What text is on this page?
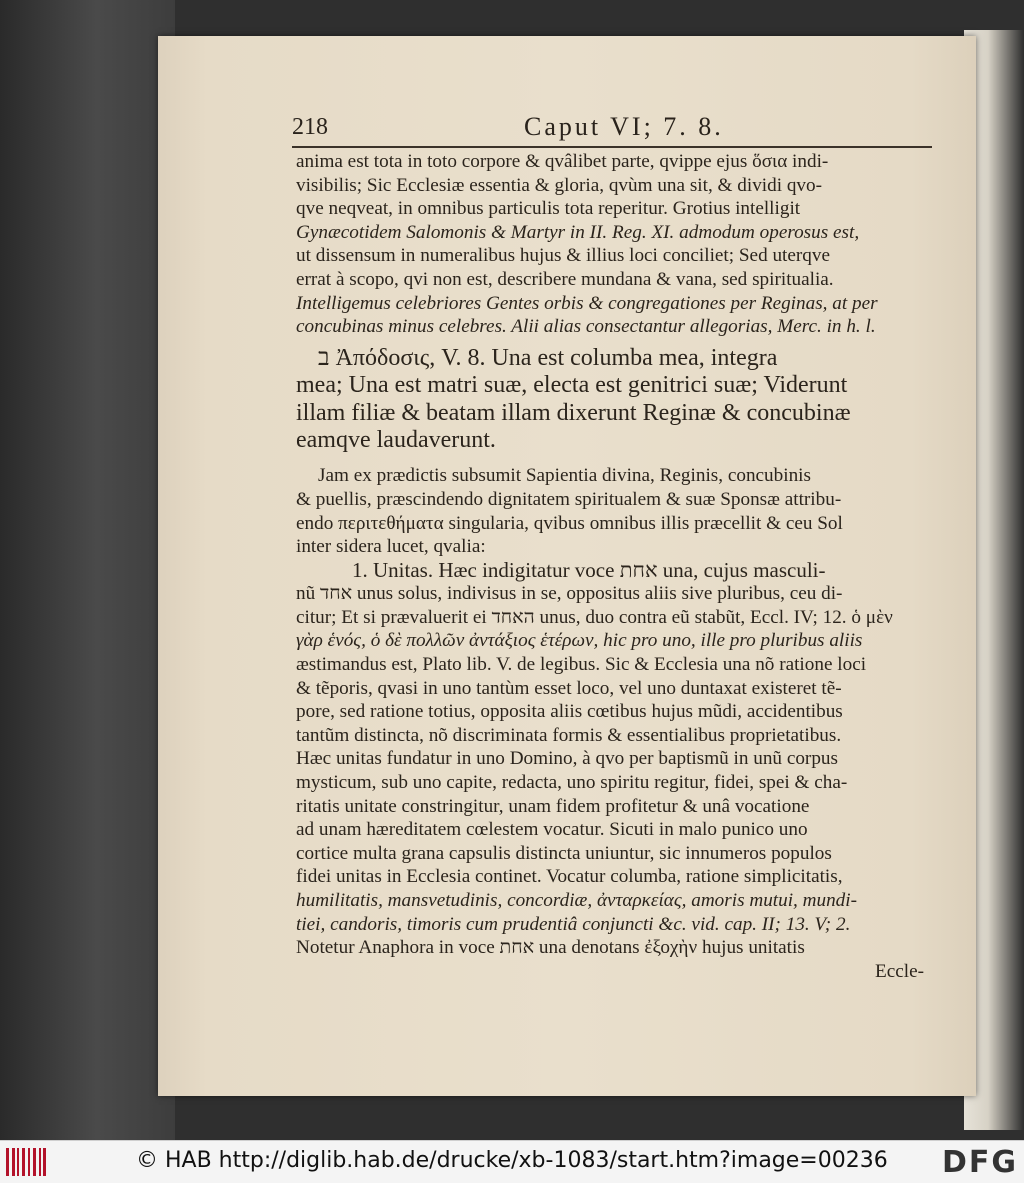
218	Caput VI; 7. 8.
anima est tota in toto corpore & qvâlibet parte, qvippe ejus ὅσια indi-
visibilis; Sic Ecclesiæ essentia & gloria, qvùm una sit, & dividi qvo-
qve neqveat, in omnibus particulis tota reperitur. Grotius intelligit
Gynæcotidem Salomonis & Martyr in II. Reg. XI. admodum operosus est,
ut dissensum in numeralibus hujus & illius loci conciliet; Sed uterqve
errat à scopo, qvi non est, describere mundana & vana, sed spiritualia.
Intelligemus celebriores Gentes orbis & congregationes per Reginas, at per
concubinas minus celebres. Alii alias consectantur allegorias, Merc. in h. l.
ב Ἀπόδοσις, V. 8. Una est columba mea, integra
mea; Una est matri suæ, electa est genitrici suæ; Viderunt
illam filiæ & beatam illam dixerunt Reginæ & concubinæ
eamqve laudaverunt.
Jam ex prædictis subsumit Sapientia divina, Reginis, concubinis
& puellis, præscindendo dignitatem spiritualem & suæ Sponsæ attribu-
endo περιτεθήματα singularia, qvibus omnibus illis præcellit & ceu Sol
inter sidera lucet, qvalia:
1. Unitas. Hæc indigitatur voce אחת una, cujus masculi-
nũ אחד unus solus, indivisus in se, oppositus aliis sive pluribus, ceu di-
citur; Et si prævaluerit ei האחד unus, duo contra eũ stabũt, Eccl. IV; 12. ὁ μὲν
γὰρ ἑνός, ὁ δὲ πολλῶν ἀντάξιος ἑτέρων, hic pro uno, ille pro pluribus aliis
æstimandus est, Plato lib. V. de legibus. Sic & Ecclesia una nõ ratione loci
& tẽporis, qvasi in uno tantùm esset loco, vel uno duntaxat existeret tẽ-
pore, sed ratione totius, opposita aliis cœtibus hujus mũdi, accidentibus
tantũm distincta, nõ discriminata formis & essentialibus proprietatibus.
Hæc unitas fundatur in uno Domino, à qvo per baptismũ in unũ corpus
mysticum, sub uno capite, redacta, uno spiritu regitur, fidei, spei & cha-
ritatis unitate constringitur, unam fidem profitetur & unâ vocatione
ad unam hæreditatem cœlestem vocatur. Sicuti in malo punico uno
cortice multa grana capsulis distincta uniuntur, sic innumeros populos
fidei unitas in Ecclesia continet. Vocatur columba, ratione simplicitatis,
humilitatis, mansvetudinis, concordiæ, ἀνταρκείας, amoris mutui, mundi-
tiei, candoris, timoris cum prudentiâ conjuncti &c. vid. cap. II; 13. V; 2.
Notetur Anaphora in voce אחת una denotans ἐξοχὴν hujus unitatis
Eccle-
© HAB http://diglib.hab.de/drucke/xb-1083/start.htm?image=00236 DFG
